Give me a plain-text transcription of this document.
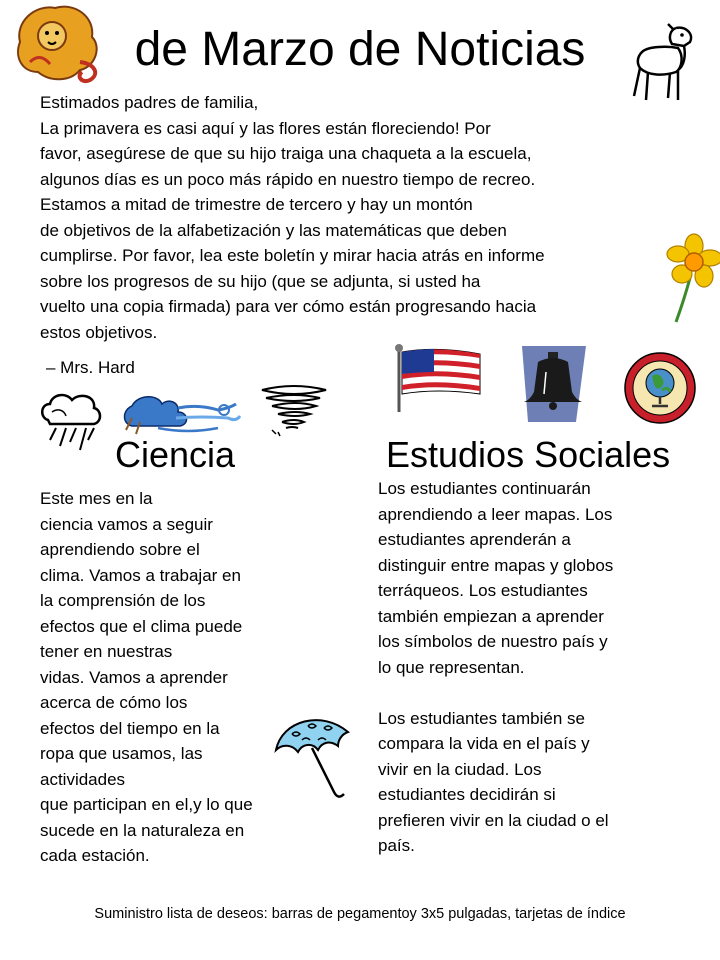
de Marzo de Noticias
Estimados padres de familia,
La primavera es casi aquí y las flores están floreciendo! Por
favor, asegúrese de que su hijo traiga una chaqueta a la escuela,
algunos días es un poco más rápido en nuestro tiempo de recreo.
Estamos a mitad de trimestre de tercero y hay un montón
de objetivos de la alfabetización y las matemáticas que deben
cumplirse. Por favor, lea este boletín y mirar hacia atrás en informe
sobre los progresos de su hijo (que se adjunta, si usted ha
vuelto una copia firmada) para ver cómo están progresando hacia
estos objetivos.
– Mrs. Hard
Ciencia	Estudios Sociales
Este mes en la
ciencia vamos a seguir
aprendiendo sobre el
clima. Vamos a trabajar en
la comprensión de los
efectos que el clima puede
tener en nuestras
vidas. Vamos a aprender
acerca de cómo los
efectos del tiempo en la
ropa que usamos, las
actividades
que participan en el,y lo que
sucede en la naturaleza en
cada estación.
Los estudiantes continuarán
aprendiendo a leer mapas. Los
estudiantes aprenderán a
distinguir entre mapas y globos
terráqueos. Los estudiantes
también empiezan a aprender
los símbolos de nuestro país y
lo que representan.
Los estudiantes también se
compara la vida en el país y
vivir en la ciudad. Los
estudiantes decidirán si
prefieren vivir en la ciudad o el
país.
Suministro lista de deseos: barras de pegamentoy 3x5 pulgadas, tarjetas de índice
